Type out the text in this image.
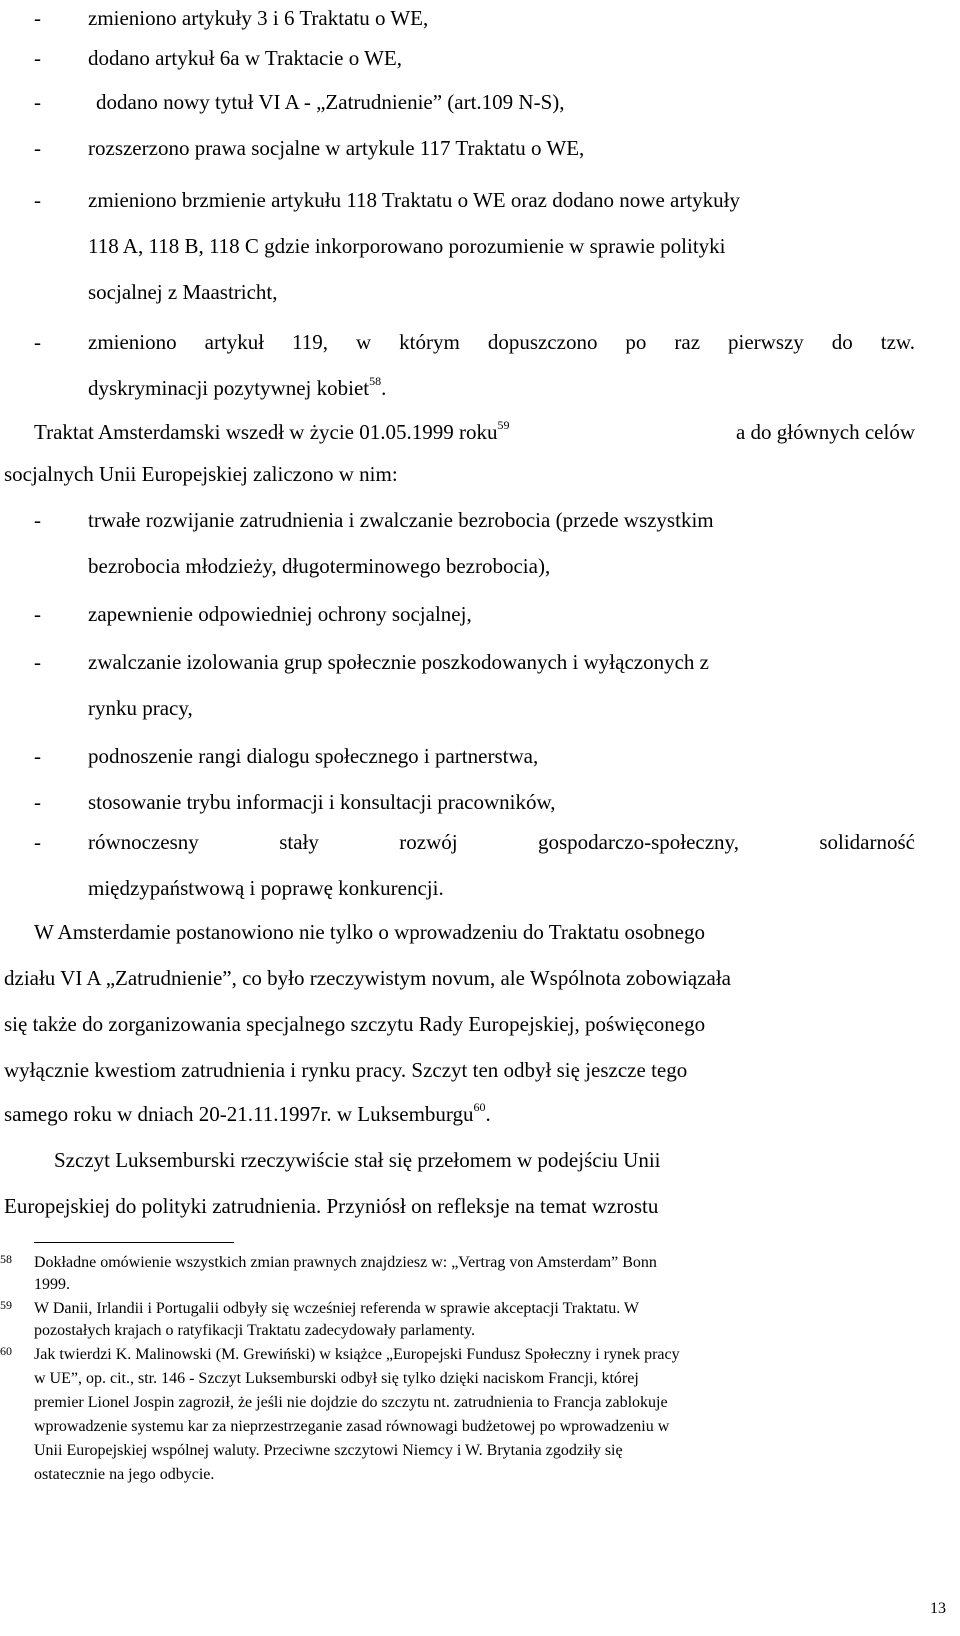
- zmieniono artykuły 3 i 6 Traktatu o WE,
- dodano artykuł 6a w Traktacie o WE,
-	dodano nowy tytuł VI A - „Zatrudnienie” (art.109 N-S),
- rozszerzono prawa socjalne w artykule 117 Traktatu o WE,
- zmieniono brzmienie artykułu 118 Traktatu o WE oraz dodano nowe artykuły
118 A, 118 B, 118 C gdzie inkorporowano porozumienie w sprawie polityki
socjalnej z Maastricht,
- zmieniono artykuł 119, w którym dopuszczono po raz pierwszy do tzw.
dyskryminacji pozytywnej kobiet$^{58}$.
Traktat Amsterdamski wszedł w życie 01.05.1999 roku$^{59}$	a do głównych celów
socjalnych Unii Europejskiej zaliczono w nim:
- trwałe rozwijanie zatrudnienia i zwalczanie bezrobocia (przede wszystkim
bezrobocia młodzieży, długoterminowego bezrobocia),
- zapewnienie odpowiedniej ochrony socjalnej,
- zwalczanie izolowania grup społecznie poszkodowanych i wyłączonych z
rynku pracy,
- podnoszenie rangi dialogu społecznego i partnerstwa,
- stosowanie trybu informacji i konsultacji pracowników,
- równoczesny	stały	rozwój	gospodarczo-społeczny,	solidarność
międzypaństwową i poprawę konkurencji.
W Amsterdamie postanowiono nie tylko o wprowadzeniu do Traktatu osobnego
działu VI A „Zatrudnienie”, co było rzeczywistym novum, ale Wspólnota zobowiązała
się także do zorganizowania specjalnego szczytu Rady Europejskiej, poświęconego
wyłącznie kwestiom zatrudnienia i rynku pracy. Szczyt ten odbył się jeszcze tego
samego roku w dniach 20-21.11.1997r. w Luksemburgu$^{60}$.
Szczyt Luksemburski rzeczywiście stał się przełomem w podejściu Unii
Europejskiej do polityki zatrudnienia. Przyniósł on refleksje na temat wzrostu
58 Dokładne omówienie wszystkich zmian prawnych znajdziesz w: „Vertrag von Amsterdam” Bonn
1999.
59 W Danii, Irlandii i Portugalii odbyły się wcześniej referenda w sprawie akceptacji Traktatu. W
pozostałych krajach o ratyfikacji Traktatu zadecydowały parlamenty.
60 Jak twierdzi K. Malinowski (M. Grewiński) w książce „Europejski Fundusz Społeczny i rynek pracy
w UE”, op. cit., str. 146 - Szczyt Luksemburski odbył się tylko dzięki naciskom Francji, której
premier Lionel Jospin zagroził, że jeśli nie dojdzie do szczytu nt. zatrudnienia to Francja zablokuje
wprowadzenie systemu kar za nieprzestrzeganie zasad równowagi budżetowej po wprowadzeniu w
Unii Europejskiej wspólnej waluty. Przeciwne szczytowi Niemcy i W. Brytania zgodziły się
ostatecznie na jego odbycie.
13
